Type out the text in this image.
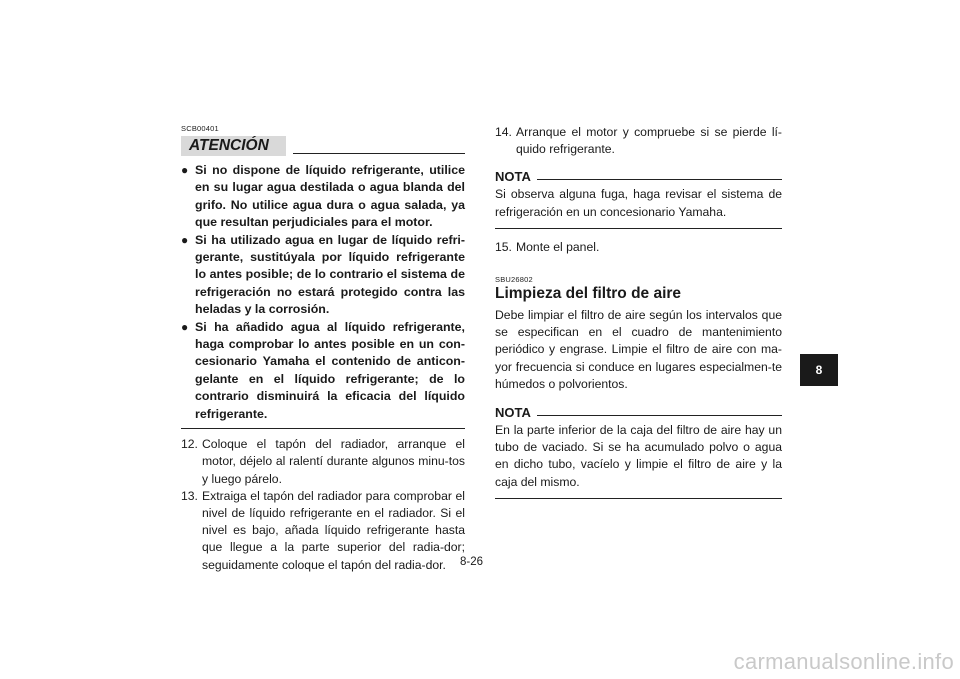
SCB00401
ATENCIÓN
● Si no dispone de líquido refrigerante, utilice en su lugar agua destilada o agua blanda del grifo. No utilice agua dura o agua salada, ya que resultan perjudiciales para el motor.
● Si ha utilizado agua en lugar de líquido refri-gerante, sustitúyala por líquido refrigerante lo antes posible; de lo contrario el sistema de refrigeración no estará protegido contra las heladas y la corrosión.
● Si ha añadido agua al líquido refrigerante, haga comprobar lo antes posible en un con-cesionario Yamaha el contenido de anticon-gelante en el líquido refrigerante; de lo contrario disminuirá la eficacia del líquido refrigerante.
12. Coloque el tapón del radiador, arranque el motor, déjelo al ralentí durante algunos minu-tos y luego párelo.
13. Extraiga el tapón del radiador para comprobar el nivel de líquido refrigerante en el radiador. Si el nivel es bajo, añada líquido refrigerante hasta que llegue a la parte superior del radia-dor; seguidamente coloque el tapón del radia-dor.
14. Arranque el motor y compruebe si se pierde lí-quido refrigerante.
NOTA
Si observa alguna fuga, haga revisar el sistema de refrigeración en un concesionario Yamaha.
15. Monte el panel.
SBU26802
Limpieza del filtro de aire
Debe limpiar el filtro de aire según los intervalos que se especifican en el cuadro de mantenimiento periódico y engrase. Limpie el filtro de aire con ma-yor frecuencia si conduce en lugares especialmen-te húmedos o polvorientos.
NOTA
En la parte inferior de la caja del filtro de aire hay un tubo de vaciado. Si se ha acumulado polvo o agua en dicho tubo, vacíelo y limpie el filtro de aire y la caja del mismo.
8
8-26
carmanualsonline.info
